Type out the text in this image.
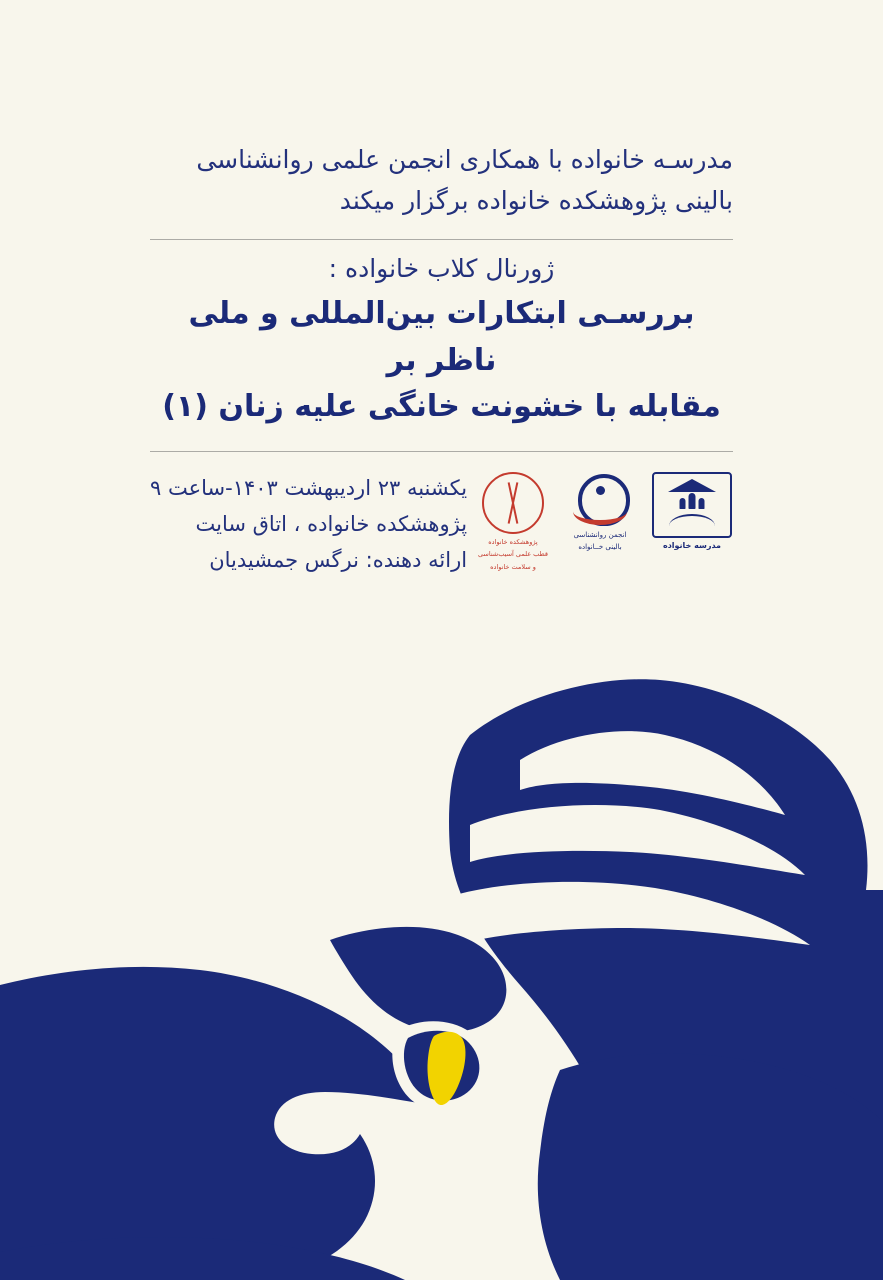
مدرسـه خانواده با همکاری انجمن علمی روانشناسی
بالینی پژوهشکده خانواده برگزار میکند
ژورنال کلاب خانواده :
بررسـی ابتکارات بین‌المللی و ملی ناظر بر
مقابله با خشونت خانگی علیه زنان (۱)
مدرسه خانواده
انجمن روانشناسی
بالینی خــانواده
پژوهشکده خانواده
قطب علمی آسیب‌شناسی
و سلامت خانواده
یکشنبه ۲۳ اردیبهشت ۱۴۰۳-ساعت ۹
پژوهشکده خانواده ، اتاق سایت
ارائه دهنده: نرگس جمشیدیان
